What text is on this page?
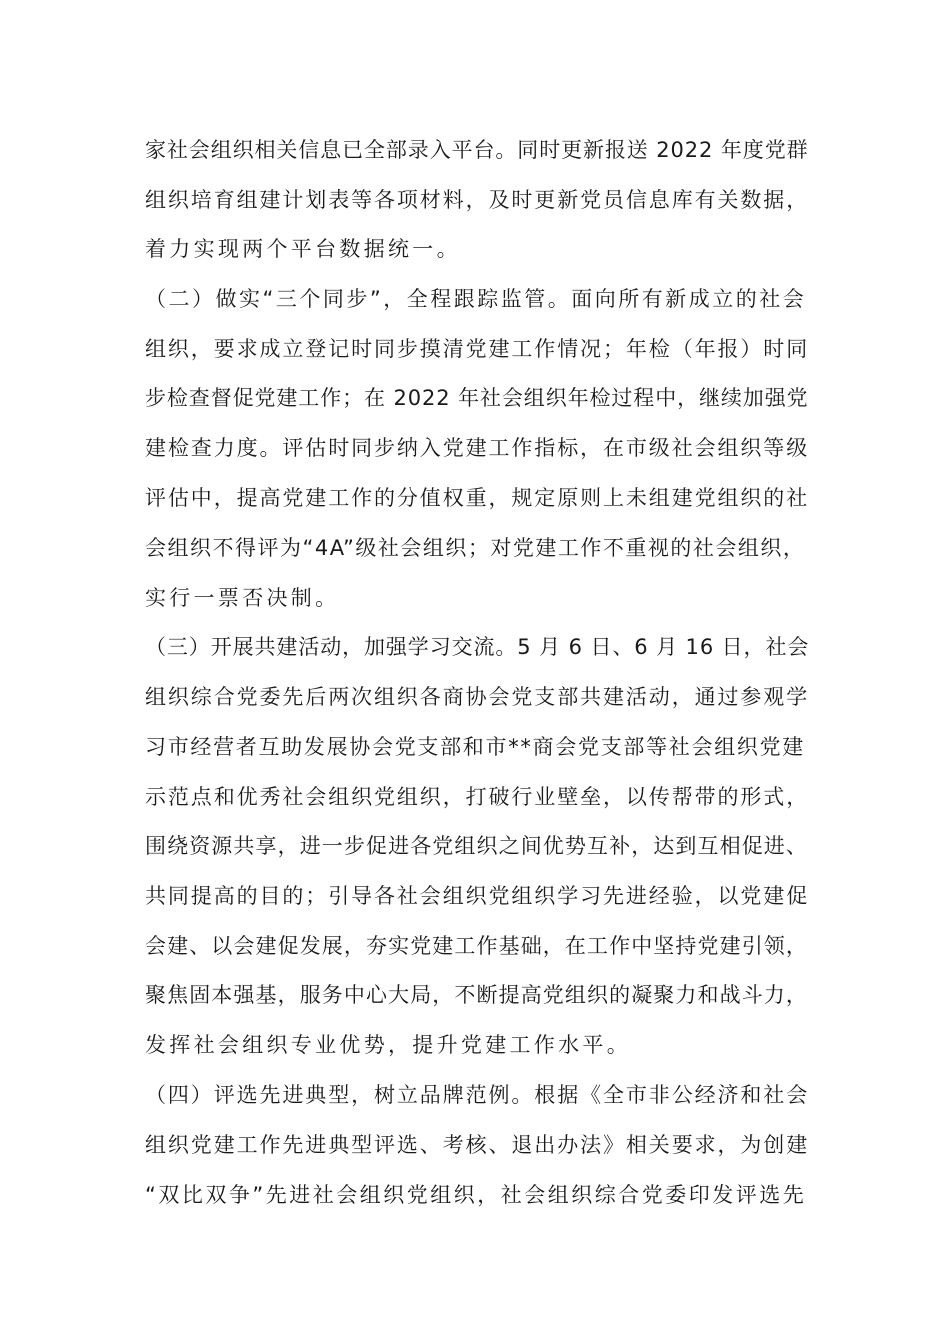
家社会组织相关信息已全部录入平台。同时更新报送 2022 年度党群
组织培育组建计划表等各项材料，及时更新党员信息库有关数据，
着力实现两个平台数据统一。
（二）做实“三个同步”，全程跟踪监管。面向所有新成立的社会
组织，要求成立登记时同步摸清党建工作情况；年检（年报）时同
步检查督促党建工作；在 2022 年社会组织年检过程中，继续加强党
建检查力度。评估时同步纳入党建工作指标，在市级社会组织等级
评估中，提高党建工作的分值权重，规定原则上未组建党组织的社
会组织不得评为“4A”级社会组织；对党建工作不重视的社会组织，
实行一票否决制。
（三）开展共建活动，加强学习交流。5 月 6 日、6 月 16 日，社会
组织综合党委先后两次组织各商协会党支部共建活动，通过参观学
习市经营者互助发展协会党支部和市**商会党支部等社会组织党建
示范点和优秀社会组织党组织，打破行业壁垒，以传帮带的形式，
围绕资源共享，进一步促进各党组织之间优势互补，达到互相促进、
共同提高的目的；引导各社会组织党组织学习先进经验，以党建促
会建、以会建促发展，夯实党建工作基础，在工作中坚持党建引领，
聚焦固本强基，服务中心大局，不断提高党组织的凝聚力和战斗力，
发挥社会组织专业优势，提升党建工作水平。
（四）评选先进典型，树立品牌范例。根据《全市非公经济和社会
组织党建工作先进典型评选、考核、退出办法》相关要求，为创建
“双比双争”先进社会组织党组织，社会组织综合党委印发评选先
